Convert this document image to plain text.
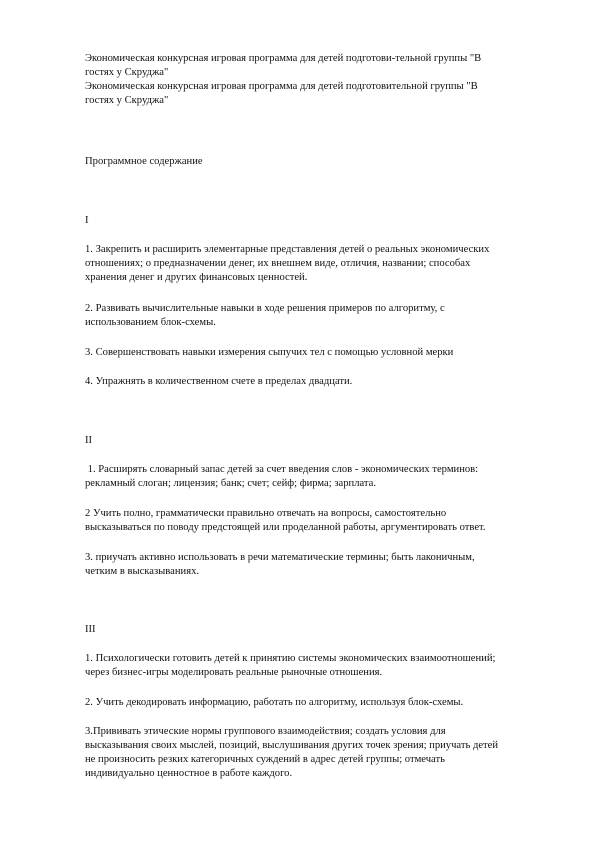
Экономическая конкурсная игровая программа для детей подготови-тельной группы "В
гостях у Скруджа"
Экономическая конкурсная игровая программа для детей подготовительной группы "В
гостях у Скруджа"
Программное содержание
I
1. Закрепить и расширить элементарные представления детей о реальных экономических
отношениях; о предназначении денег, их внешнем виде, отличия, названии; способах
хранения денег и других финансовых ценностей.
2. Развивать вычислительные навыки в ходе решения примеров по алгоритму, с
использованием блок-схемы.
3. Совершенствовать навыки измерения сыпучих тел с помощью условной мерки
4. Упражнять в количественном счете в пределах двадцати.
II
1. Расширять словарный запас детей за счет введения слов - экономических терминов:
рекламный слоган; лицензия; банк; счет; сейф; фирма; зарплата.
2 Учить полно, грамматически правильно отвечать на вопросы, самостоятельно
высказываться по поводу предстоящей или проделанной работы, аргументировать ответ.
3. приучать активно использовать в речи математические термины; быть лаконичным,
четким в высказываниях.
III
1. Психологически готовить детей к принятию системы экономических взаимоотношений;
через бизнес-игры моделировать реальные рыночные отношения.
2. Учить декодировать информацию, работать по алгоритму, используя блок-схемы.
3.Прививать этические нормы группового взаимодействия; создать условия для
высказывания своих мыслей, позиций, выслушивания других точек зрения; приучать детей
не произносить резких категоричных суждений в адрес детей группы; отмечать
индивидуально ценностное в работе каждого.
